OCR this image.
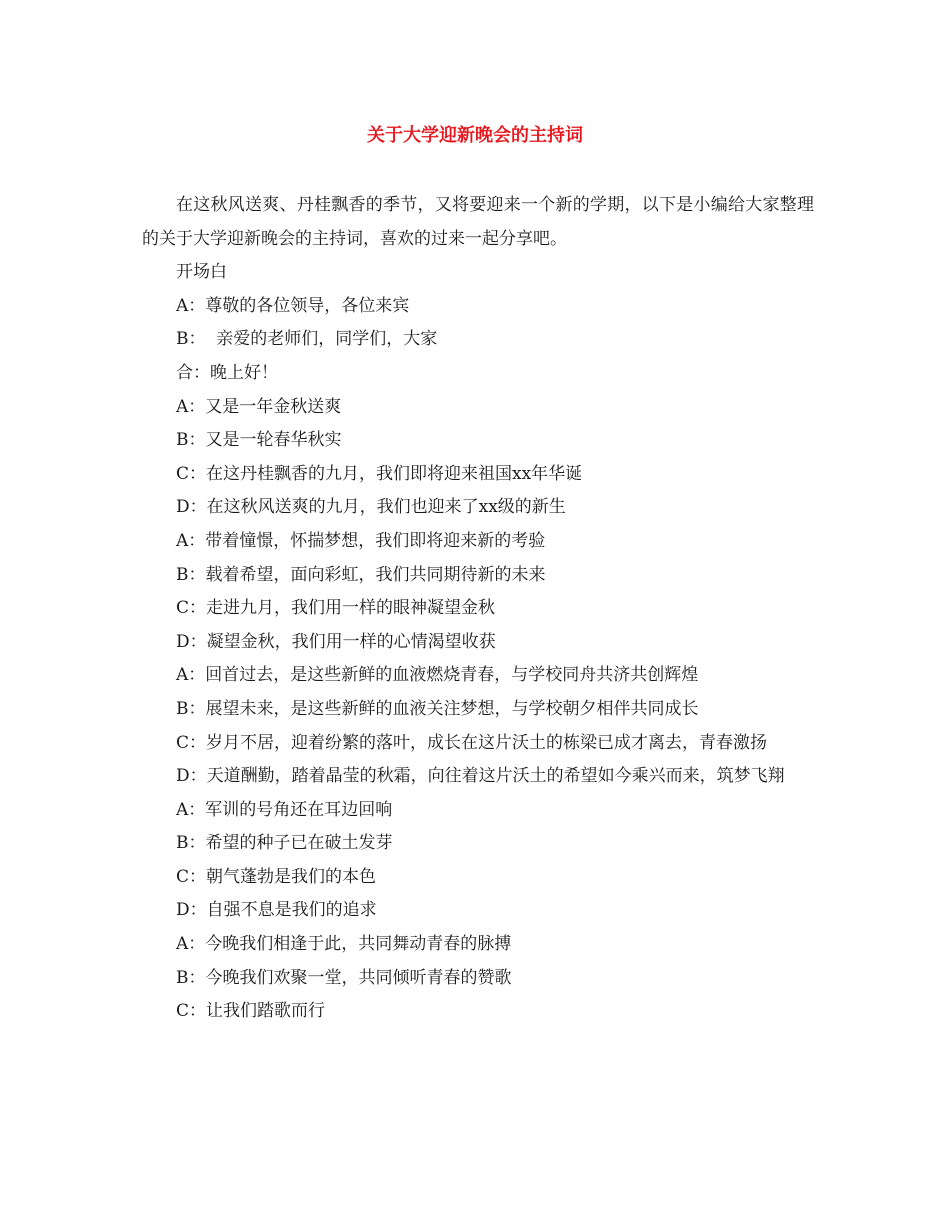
关于大学迎新晚会的主持词

在这秋风送爽、丹桂飘香的季节，又将要迎来一个新的学期，以下是小编给大家整理的关于大学迎新晚会的主持词，喜欢的过来一起分享吧。

开场白

A：尊敬的各位领导，各位来宾

B：  亲爱的老师们，同学们，大家

合：晚上好！

A：又是一年金秋送爽

B：又是一轮春华秋实

C：在这丹桂飘香的九月，我们即将迎来祖国xx年华诞

D：在这秋风送爽的九月，我们也迎来了xx级的新生

A：带着憧憬，怀揣梦想，我们即将迎来新的考验

B：载着希望，面向彩虹，我们共同期待新的未来

C：走进九月，我们用一样的眼神凝望金秋

D：凝望金秋，我们用一样的心情渴望收获

A：回首过去，是这些新鲜的血液燃烧青春，与学校同舟共济共创辉煌

B：展望未来，是这些新鲜的血液关注梦想，与学校朝夕相伴共同成长

C：岁月不居，迎着纷繁的落叶，成长在这片沃土的栋梁已成才离去，青春激扬

D：天道酬勤，踏着晶莹的秋霜，向往着这片沃土的希望如今乘兴而来，筑梦飞翔

A：军训的号角还在耳边回响

B：希望的种子已在破土发芽

C：朝气蓬勃是我们的本色

D：自强不息是我们的追求

A：今晚我们相逢于此，共同舞动青春的脉搏

B：今晚我们欢聚一堂，共同倾听青春的赞歌

C：让我们踏歌而行
